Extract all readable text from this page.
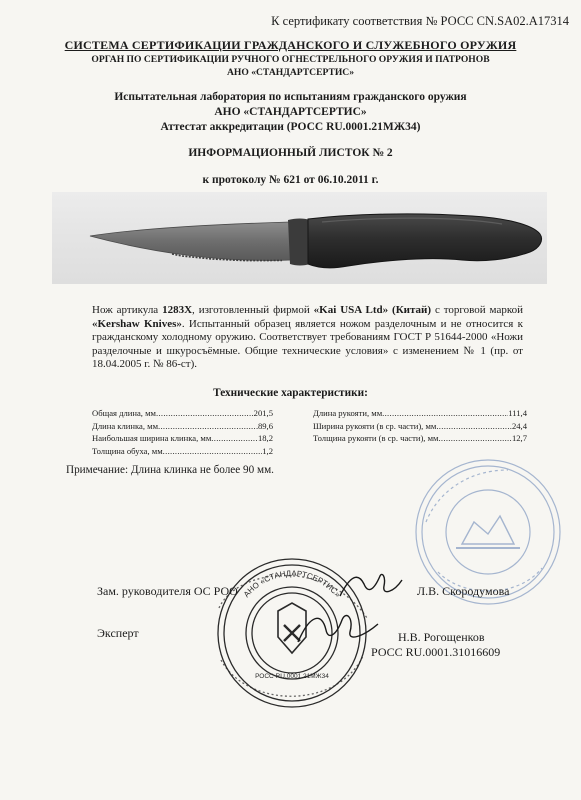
К сертификату соответствия № РОСС CN.SA02.A17314
СИСТЕМА СЕРТИФИКАЦИИ ГРАЖДАНСКОГО И СЛУЖЕБНОГО ОРУЖИЯ
ОРГАН ПО СЕРТИФИКАЦИИ РУЧНОГО ОГНЕСТРЕЛЬНОГО ОРУЖИЯ И ПАТРОНОВ
АНО «СТАНДАРТСЕРТИС»
Испытательная лаборатория по испытаниям гражданского оружия
АНО «СТАНДАРТСЕРТИС»
Аттестат аккредитации (РОСС RU.0001.21МЖ34)
ИНФОРМАЦИОННЫЙ ЛИСТОК № 2
к протоколу № 621 от 06.10.2011 г.
Нож артикула 1283X, изготовленный фирмой «Kai USA Ltd» (Китай) с торговой маркой «Kershaw Knives». Испытанный образец является ножом разделочным и не относится к гражданскому холодному оружию. Соответствует требованиям ГОСТ Р 51644-2000 «Ножи разделочные и шкуросъёмные. Общие технические условия» с изменением № 1 (пр. от 18.04.2005 г. № 86-ст).
Технические характеристики:
Общая длина, мм .....	201,5
Длина клинка, мм .....	89,6
Наибольшая ширина клинка, мм .....	18,2
Толщина обуха, мм .....	1,2
Длина рукояти, мм .....	111,4
Ширина рукояти (в ср. части), мм .....	24,4
Толщина рукояти (в ср. части), мм .....	12,7
Примечание: Длина клинка не более 90 мм.
АНО «СТАНДАРТСЕРТИС»
РОСС RU.0001.21МЖ34
Зам. руководителя ОС РОО	Л.В. Скородумова
Эксперт	Н.В. Рогощенков
РОСС RU.0001.31016609
